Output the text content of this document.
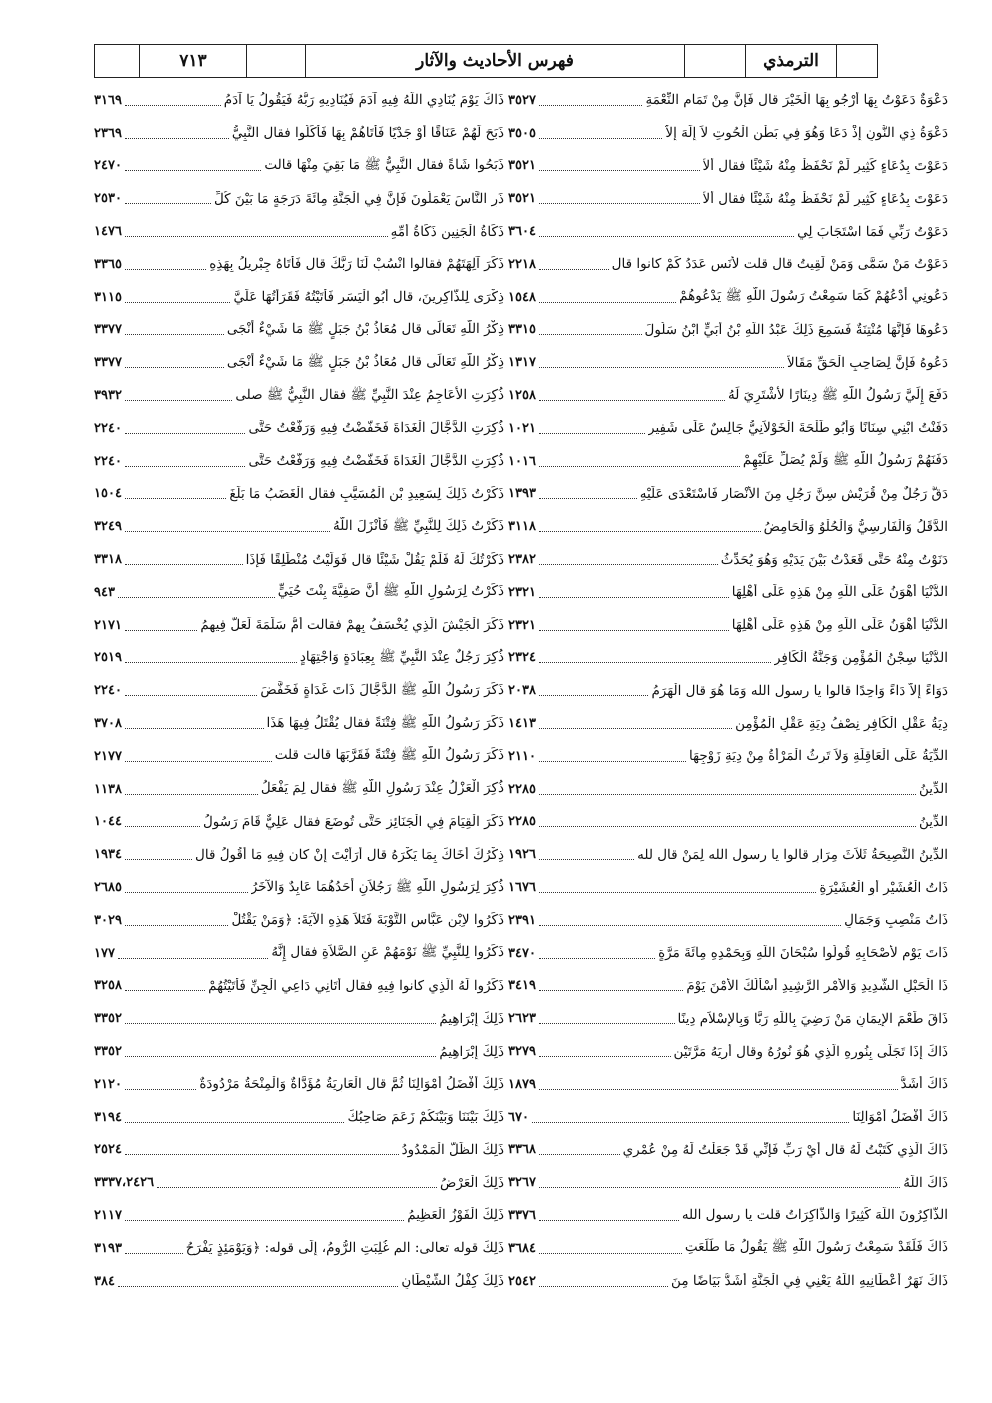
٧١٣	فهرس الأحاديث والآثار	الترمذي
دَعْوَةٌ دَعَوْتُ بِهَا أَرْجُو بِهَا الْخَيْرَ قال فَإِنَّ مِنْ تَمَامِ النِّعْمَةِ
٣٥٢٧
دَعْوَةُ ذِي النُّونِ إِذْ دَعَا وَهُوَ فِي بَطْنِ الْحُوتِ لاَ إِلَهَ إِلاَّ
٣٥٠٥
دَعَوْتَ بِدُعَاءٍ كَثِيرٍ لَمْ نَحْفَظْ مِنْهُ شَيْئًا فقال أَلاَ
٣٥٢١
دَعَوْتَ بِدُعَاءٍ كَثِيرٍ لَمْ نَحْفَظْ مِنْهُ شَيْئًا فقال أَلاَ
٣٥٢١
دَعَوْتُ رَبِّي فَمَا اسْتَجَابَ لِي
٣٦٠٤
دَعَوْتُ مَنْ سَمَّى وَمَنْ لَقِيتُ قال قلت لأَنَسٍ عَدَدُ كَمْ كانوا قال
٢٢١٨
دَعُونِي أَدْعُهُمْ كَمَا سَمِعْتُ رَسُولَ اللَّهِ ﷺ يَدْعُوهُمْ
١٥٤٨
دَعُوهَا فَإِنَّهَا مُنْتِنَةٌ فَسَمِعَ ذَلِكَ عَبْدُ اللَّهِ بْنُ أُبَيٍّ ابْنُ سَلُولَ
٣٣١٥
دَعُوهُ فَإِنَّ لِصَاحِبِ الْحَقِّ مَقَالاً
١٣١٧
دَفَعَ إِلَيَّ رَسُولُ اللَّهِ ﷺ دِينَارًا لأَشْتَرِيَ لَهُ
١٢٥٨
دَفَنْتُ ابْنِي سِنَانًا وَأَبُو طَلْحَةَ الْخَوْلاَنِيُّ جَالِسٌ عَلَى شَفِيرِ
١٠٢١
دَفَنَهُمْ رَسُولُ اللَّهِ ﷺ وَلَمْ يُصَلِّ عَلَيْهِمْ
١٠١٦
دَقَّ رَجُلٌ مِنْ قُرَيْشٍ سِنَّ رَجُلٍ مِنَ الأَنْصَارِ فَاسْتَعْدَى عَلَيْهِ
١٣٩٣
الدَّقَلُ وَالْفَارِسِيُّ وَالْحُلْوُ وَالْحَامِضُ
٣١١٨
دَنَوْتُ مِنْهُ حَتَّى قَعَدْتُ بَيْنَ يَدَيْهِ وَهُوَ يُحَدِّثُ
٢٣٨٢
الدُّنْيَا أَهْوَنُ عَلَى اللَّهِ مِنْ هَذِهِ عَلَى أَهْلِهَا
٢٣٢١
الدُّنْيَا أَهْوَنُ عَلَى اللَّهِ مِنْ هَذِهِ عَلَى أَهْلِهَا
٢٣٢١
الدُّنْيَا سِجْنُ الْمُؤْمِنِ وَجَنَّةُ الْكَافِرِ
٢٣٢٤
دَوَاءً إِلاَّ دَاءً وَاحِدًا قالوا يا رسول الله وَمَا هُوَ قال الْهَرَمُ
٢٠٣٨
دِيَةُ عَقْلِ الْكَافِرِ نِصْفُ دِيَةِ عَقْلِ الْمُؤْمِنِ
١٤١٣
الدِّيَةُ عَلَى الْعَاقِلَةِ وَلاَ تَرِثُ الْمَرْأَةُ مِنْ دِيَةِ زَوْجِهَا
٢١١٠
الدِّينُ
٢٢٨٥
الدِّينُ
٢٢٨٥
الدِّينُ النَّصِيحَةُ ثَلاَثَ مِرَارٍ قالوا يا رسول الله لِمَنْ قال لله
١٩٢٦
ذَاتُ الْعُشَيْرِ أَوِ الْعُشَيْرَةِ
١٦٧٦
ذَاتُ مَنْصِبٍ وَجَمَالٍ
٢٣٩١
ذَاتَ يَوْمٍ لأَصْحَابِهِ قُولُوا سُبْحَانَ اللَّهِ وَبِحَمْدِهِ مِائَةَ مَرَّةٍ
٣٤٧٠
ذَا الْحَبْلِ الشَّدِيدِ وَالأَمْرِ الرَّشِيدِ أَسْأَلُكَ الأَمْنَ يَوْمَ
٣٤١٩
ذَاقَ طَعْمَ الإِيمَانِ مَنْ رَضِيَ بِاللَّهِ رَبًّا وَبِالإِسْلاَمِ دِينًا
٢٦٢٣
ذَاكَ إِذَا تَجَلَّى بِنُورِهِ الَّذِي هُوَ نُورُهُ وقال أُرِيَهُ مَرَّتَيْنِ
٣٢٧٩
ذَاكَ أَشَدُّ
١٨٧٩
ذَاكَ أَفْضَلُ أَمْوَالِنَا
٦٧٠
ذَاكَ الَّذِي كَتَبْتُ لَهُ قال أَيْ رَبِّ فَإِنِّي قَدْ جَعَلْتُ لَهُ مِنْ عُمْرِي
٣٣٦٨
ذَاكَ اللَّهُ
٣٢٦٧
الذَّاكِرُونَ اللَّهَ كَثِيرًا وَالذَّاكِرَاتُ قلت يا رسول الله
٣٣٧٦
ذَاكَ فَلَقَدْ سَمِعْتُ رَسُولَ اللَّهِ ﷺ يَقُولُ مَا طَلَعَتِ
٣٦٨٤
ذَاكَ نَهَرٌ أَعْطَانِيهِ اللَّهُ يَعْنِي فِي الْجَنَّةِ أَشَدُّ بَيَاضًا مِنَ
٢٥٤٢
ذَاكَ يَوْمَ يُنَادِي اللَّهُ فِيهِ آدَمَ فَيُنَادِيهِ رَبُّهُ فَيَقُولُ يَا آدَمُ
٣١٦٩
ذَبَحَ لَهُمْ عَنَاقًا أَوْ جَدْيًا فَأَتَاهُمْ بِهَا فَأَكَلُوا فقال النَّبِيُّ
٢٣٦٩
ذَبَحُوا شَاةً فقال النَّبِيُّ ﷺ مَا بَقِيَ مِنْهَا قالت
٢٤٧٠
ذَرِ النَّاسَ يَعْمَلُونَ فَإِنَّ فِي الْجَنَّةِ مِائَةَ دَرَجَةٍ مَا بَيْنَ كُلِّ
٢٥٣٠
ذَكَاةُ الْجَنِينِ ذَكَاةُ أُمِّهِ
١٤٧٦
ذَكَرَ آلِهَتَهُمْ فقالوا انْسُبْ لَنَا رَبَّكَ قال فَأَتَاهُ جِبْرِيلُ بِهَذِهِ
٣٣٦٥
ذِكْرَى لِلذَّاكِرِينَ، قال أَبُو الْيَسَرِ فَأَتَيْتُهُ فَقَرَأْتُهَا عَلَيَّ
٣١١٥
ذِكْرُ اللَّهِ تَعَالَى قال مُعَاذُ بْنُ جَبَلٍ ﷺ مَا شَيْءٌ أَنْجَى
٣٣٧٧
ذِكْرُ اللَّهِ تَعَالَى قال مُعَاذُ بْنُ جَبَلٍ ﷺ مَا شَيْءٌ أَنْجَى
٣٣٧٧
ذُكِرَتِ الأَعَاجِمُ عِنْدَ النَّبِيِّ ﷺ فقال النَّبِيُّ ﷺ صلى
٣٩٣٢
ذُكِرَتِ الدَّجَّالَ الْغَدَاةَ فَخَفَّضْتُ فِيهِ وَرَفَّعْتُ حَتَّى
٢٢٤٠
ذُكِرَتِ الدَّجَّالَ الْغَدَاةَ فَخَفَّضْتُ فِيهِ وَرَفَّعْتُ حَتَّى
٢٢٤٠
ذَكَرْتُ ذَلِكَ لِسَعِيدِ بْنِ الْمُسَيَّبِ فقال الْغَضَبُ مَا بَلَغَ
١٥٠٤
ذَكَرْتُ ذَلِكَ لِلنَّبِيِّ ﷺ فَأَنْزَلَ اللَّهُ
٣٢٤٩
ذَكَرْتُكَ لَهُ فَلَمْ يَقُلْ شَيْئًا قال فَوَلَّيْتُ مُنْطَلِقًا فَإِذَا
٣٣١٨
ذَكَرْتُ لِرَسُولِ اللَّهِ ﷺ أَنَّ صَفِيَّةَ بِنْتَ حُيَيٍّ
٩٤٣
ذَكَرَ الْجَيْشَ الَّذِي يُخْسَفُ بِهِمْ فقالت أُمُّ سَلَمَةَ لَعَلَّ فِيهِمُ
٢١٧١
ذُكِرَ رَجُلٌ عِنْدَ النَّبِيِّ ﷺ بِعِبَادَةٍ وَاجْتِهَادٍ
٢٥١٩
ذَكَرَ رَسُولُ اللَّهِ ﷺ الدَّجَّالَ ذَاتَ غَدَاةٍ فَخَفَّضَ
٢٢٤٠
ذَكَرَ رَسُولُ اللَّهِ ﷺ فِتْنَةً فقال يُقْتَلُ فِيهَا هَذَا
٣٧٠٨
ذَكَرَ رَسُولُ اللَّهِ ﷺ فِتْنَةً فَقَرَّبَهَا قالت قلت
٢١٧٧
ذُكِرَ الْعَزْلُ عِنْدَ رَسُولِ اللَّهِ ﷺ فقال لِمَ يَفْعَلُ
١١٣٨
ذَكَرَ الْقِيَامَ فِي الْجَنَائِزِ حَتَّى تُوضَعَ فقال عَلِيٌّ قَامَ رَسُولُ
١٠٤٤
ذِكْرُكَ أَخَاكَ بِمَا يَكْرَهُ قال أَرَأَيْتَ إِنْ كان فِيهِ مَا أَقُولُ قال
١٩٣٤
ذُكِرَ لِرَسُولِ اللَّهِ ﷺ رَجُلاَنِ أَحَدُهُمَا عَابِدٌ وَالآخَرُ
٢٦٨٥
ذَكَرُوا لاِبْنِ عَبَّاسٍ التَّوْبَةَ فَتَلاَ هَذِهِ الآيَةَ: ﴿وَمَنْ يَقْتُلْ
٣٠٢٩
ذَكَرُوا لِلنَّبِيِّ ﷺ نَوْمَهُمْ عَنِ الصَّلاَةِ فقال إِنَّهُ
١٧٧
ذَكَرُوا لَهُ الَّذِي كانوا فِيهِ فقال أَتَانِي دَاعِي الْجِنِّ فَأَتَيْتُهُمْ
٣٢٥٨
ذَلِكَ إِبْرَاهِيمُ
٣٣٥٢
ذَلِكَ إِبْرَاهِيمُ
٣٣٥٢
ذَلِكَ أَفْضَلُ أَمْوَالِنَا ثُمَّ قال الْعَارِيَةُ مُؤَدَّاةٌ وَالْمِنْحَةُ مَرْدُودَةٌ
٢١٢٠
ذَلِكَ بَيْنَنَا وَبَيْنَكُمْ زَعَمَ صَاحِبُكَ
٣١٩٤
ذَلِكَ الظِّلُّ الْمَمْدُودُ
٢٥٢٤
ذَلِكَ الْعَرْضُ
٣٣٣٧،٢٤٢٦
ذَلِكَ الْفَوْزُ الْعَظِيمُ
٢١١٧
ذَلِكَ قوله تعالى: الم غُلِبَتِ الرُّومُ، إِلَى قوله: ﴿وَيَوْمَئِذٍ يَفْرَحُ
٣١٩٣
ذَلِكَ كِفْلُ الشَّيْطَانِ
٣٨٤
